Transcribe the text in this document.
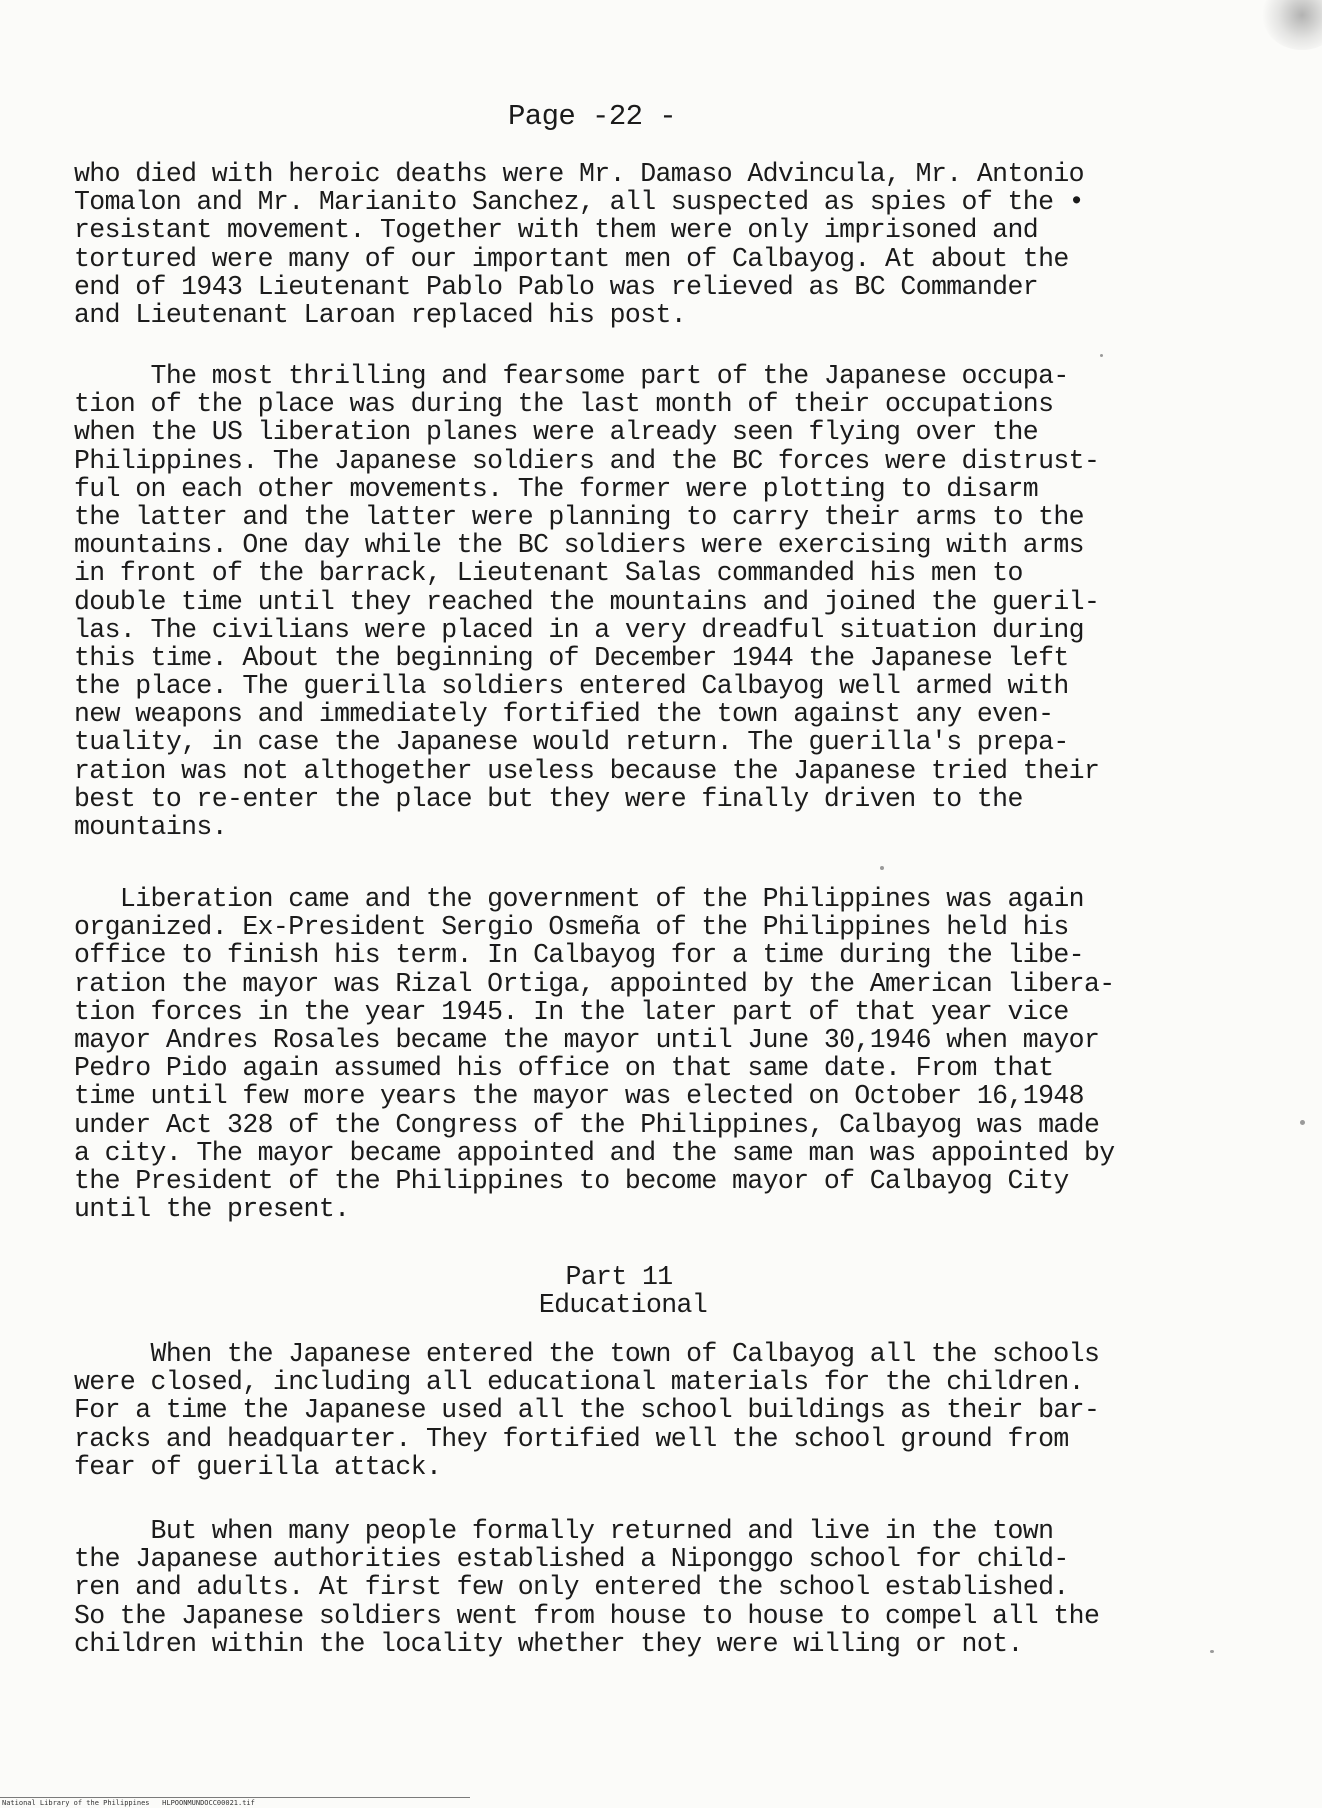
Page -22 -
who died with heroic deaths were Mr. Damaso Advincula, Mr. Antonio
Tomalon and Mr. Marianito Sanchez, all suspected as spies of the •
resistant movement. Together with them were only imprisoned and
tortured were many of our important men of Calbayog. At about the
end of 1943 Lieutenant Pablo Pablo was relieved as BC Commander
and Lieutenant Laroan replaced his post.
The most thrilling and fearsome part of the Japanese occupa-
tion of the place was during the last month of their occupations
when the US liberation planes were already seen flying over the
Philippines. The Japanese soldiers and the BC forces were distrust-
ful on each other movements. The former were plotting to disarm
the latter and the latter were planning to carry their arms to the
mountains. One day while the BC soldiers were exercising with arms
in front of the barrack, Lieutenant Salas commanded his men to
double time until they reached the mountains and joined the gueril-
las. The civilians were placed in a very dreadful situation during
this time. About the beginning of December 1944 the Japanese left
the place. The guerilla soldiers entered Calbayog well armed with
new weapons and immediately fortified the town against any even-
tuality, in case the Japanese would return. The guerilla's prepa-
ration was not althogether useless because the Japanese tried their
best to re-enter the place but they were finally driven to the
mountains.
Liberation came and the government of the Philippines was again
organized. Ex-President Sergio Osmeña of the Philippines held his
office to finish his term. In Calbayog for a time during the libe-
ration the mayor was Rizal Ortiga, appointed by the American libera-
tion forces in the year 1945. In the later part of that year vice
mayor Andres Rosales became the mayor until June 30,1946 when mayor
Pedro Pido again assumed his office on that same date. From that
time until few more years the mayor was elected on October 16,1948
under Act 328 of the Congress of the Philippines, Calbayog was made
a city. The mayor became appointed and the same man was appointed by
the President of the Philippines to become mayor of Calbayog City
until the present.
Part 11
Educational
When the Japanese entered the town of Calbayog all the schools
were closed, including all educational materials for the children.
For a time the Japanese used all the school buildings as their bar-
racks and headquarter. They fortified well the school ground from
fear of guerilla attack.
But when many people formally returned and live in the town
the Japanese authorities established a Niponggo school for child-
ren and adults. At first few only entered the school established.
So the Japanese soldiers went from house to house to compel all the
children within the locality whether they were willing or not.
National Library of the Philippines   HLPOONMUNDOCC00021.tif
